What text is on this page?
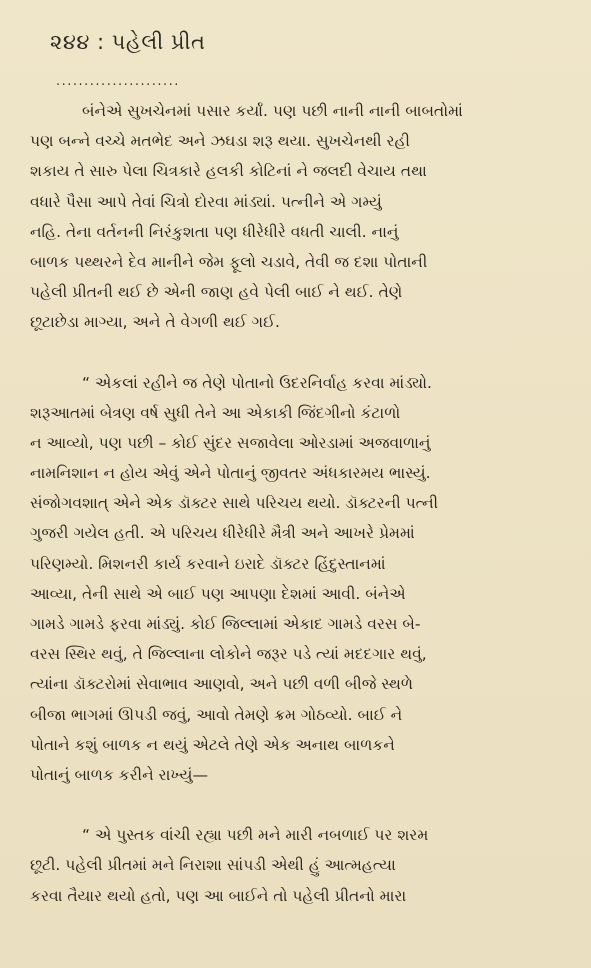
૨૪૪ : પહેલી પ્રીત
......................
બંનેએ સુખચેનમાં પસાર કર્યાં. પણ પછી નાની નાની બાબતોમાં
પણ બન્ને વચ્ચે મતભેદ અને ઝઘડા શરૂ થયા. સુખચેનથી રહી
શકાય તે સારુ પેલા ચિત્રકારે હલકી કોટિનાં ને જલદી વેચાય તથા
વધારે પૈસા આપે તેવાં ચિત્રો દોરવા માંડ્યાં. પત્નીને એ ગમ્યું
નહિ. તેના વર્તનની નિરંકુશતા પણ ધીરેધીરે વધતી ચાલી. નાનું
બાળક પથ્થરને દેવ માનીને જેમ ફૂલો ચડાવે, તેવી જ દશા પોતાની
પહેલી પ્રીતની થઈ છે એની જાણ હવે પેલી બાઈ ને થઈ. તેણે
છૂટાછેડા માગ્યા, અને તે વેગળી થઈ ગઈ.
“ એકલાં રહીને જ તેણે પોતાનો ઉદરનિર્વાહ કરવા માંડ્યો.
શરૂઆતમાં બેત્રણ વર્ષ સુધી તેને આ એકાકી જિંદગીનો કંટાળો
ન આવ્યો, પણ પછી – કોઈ સુંદર સજાવેલા ઓરડામાં અજવાળાનું
નામનિશાન ન હોય એવું એને પોતાનું જીવતર અંધકારમય ભાસ્યું.
સંજોગવશાત્ એને એક ડૉક્ટર સાથે પરિચય થયો. ડૉક્ટરની પત્ની
ગુજરી ગયેલ હતી. એ પરિચય ધીરેધીરે મૈત્રી અને આખરે પ્રેમમાં
પરિણમ્યો. મિશનરી કાર્ય કરવાને ઇરાદે ડૉક્ટર હિંદુસ્તાનમાં
આવ્યા, તેની સાથે એ બાઈ પણ આપણા દેશમાં આવી. બંનેએ
ગામડે ગામડે ફરવા માંડ્યું. કોઈ જિલ્લામાં એકાદ ગામડે વરસ બે-
વરસ સ્થિર થવું, તે જિલ્લાના લોકોને જરૂર પડે ત્યાં મદદગાર થવું,
ત્યાંના ડૉક્ટરોમાં સેવાભાવ આણવો, અને પછી વળી બીજે સ્થળે
બીજા ભાગમાં ઊપડી જવું, આવો તેમણે ક્રમ ગોઠવ્યો. બાઈ ને
પોતાને કશું બાળક ન થયું એટલે તેણે એક અનાથ બાળકને
પોતાનું બાળક કરીને રાખ્યું—
“ એ પુસ્તક વાંચી રહ્યા પછી મને મારી નબળાઈ પર શરમ
છૂટી. પહેલી પ્રીતમાં મને નિરાશા સાંપડી એથી હું આત્મહત્યા
કરવા તૈયાર થયો હતો, પણ આ બાઈને તો પહેલી પ્રીતનો મારા
